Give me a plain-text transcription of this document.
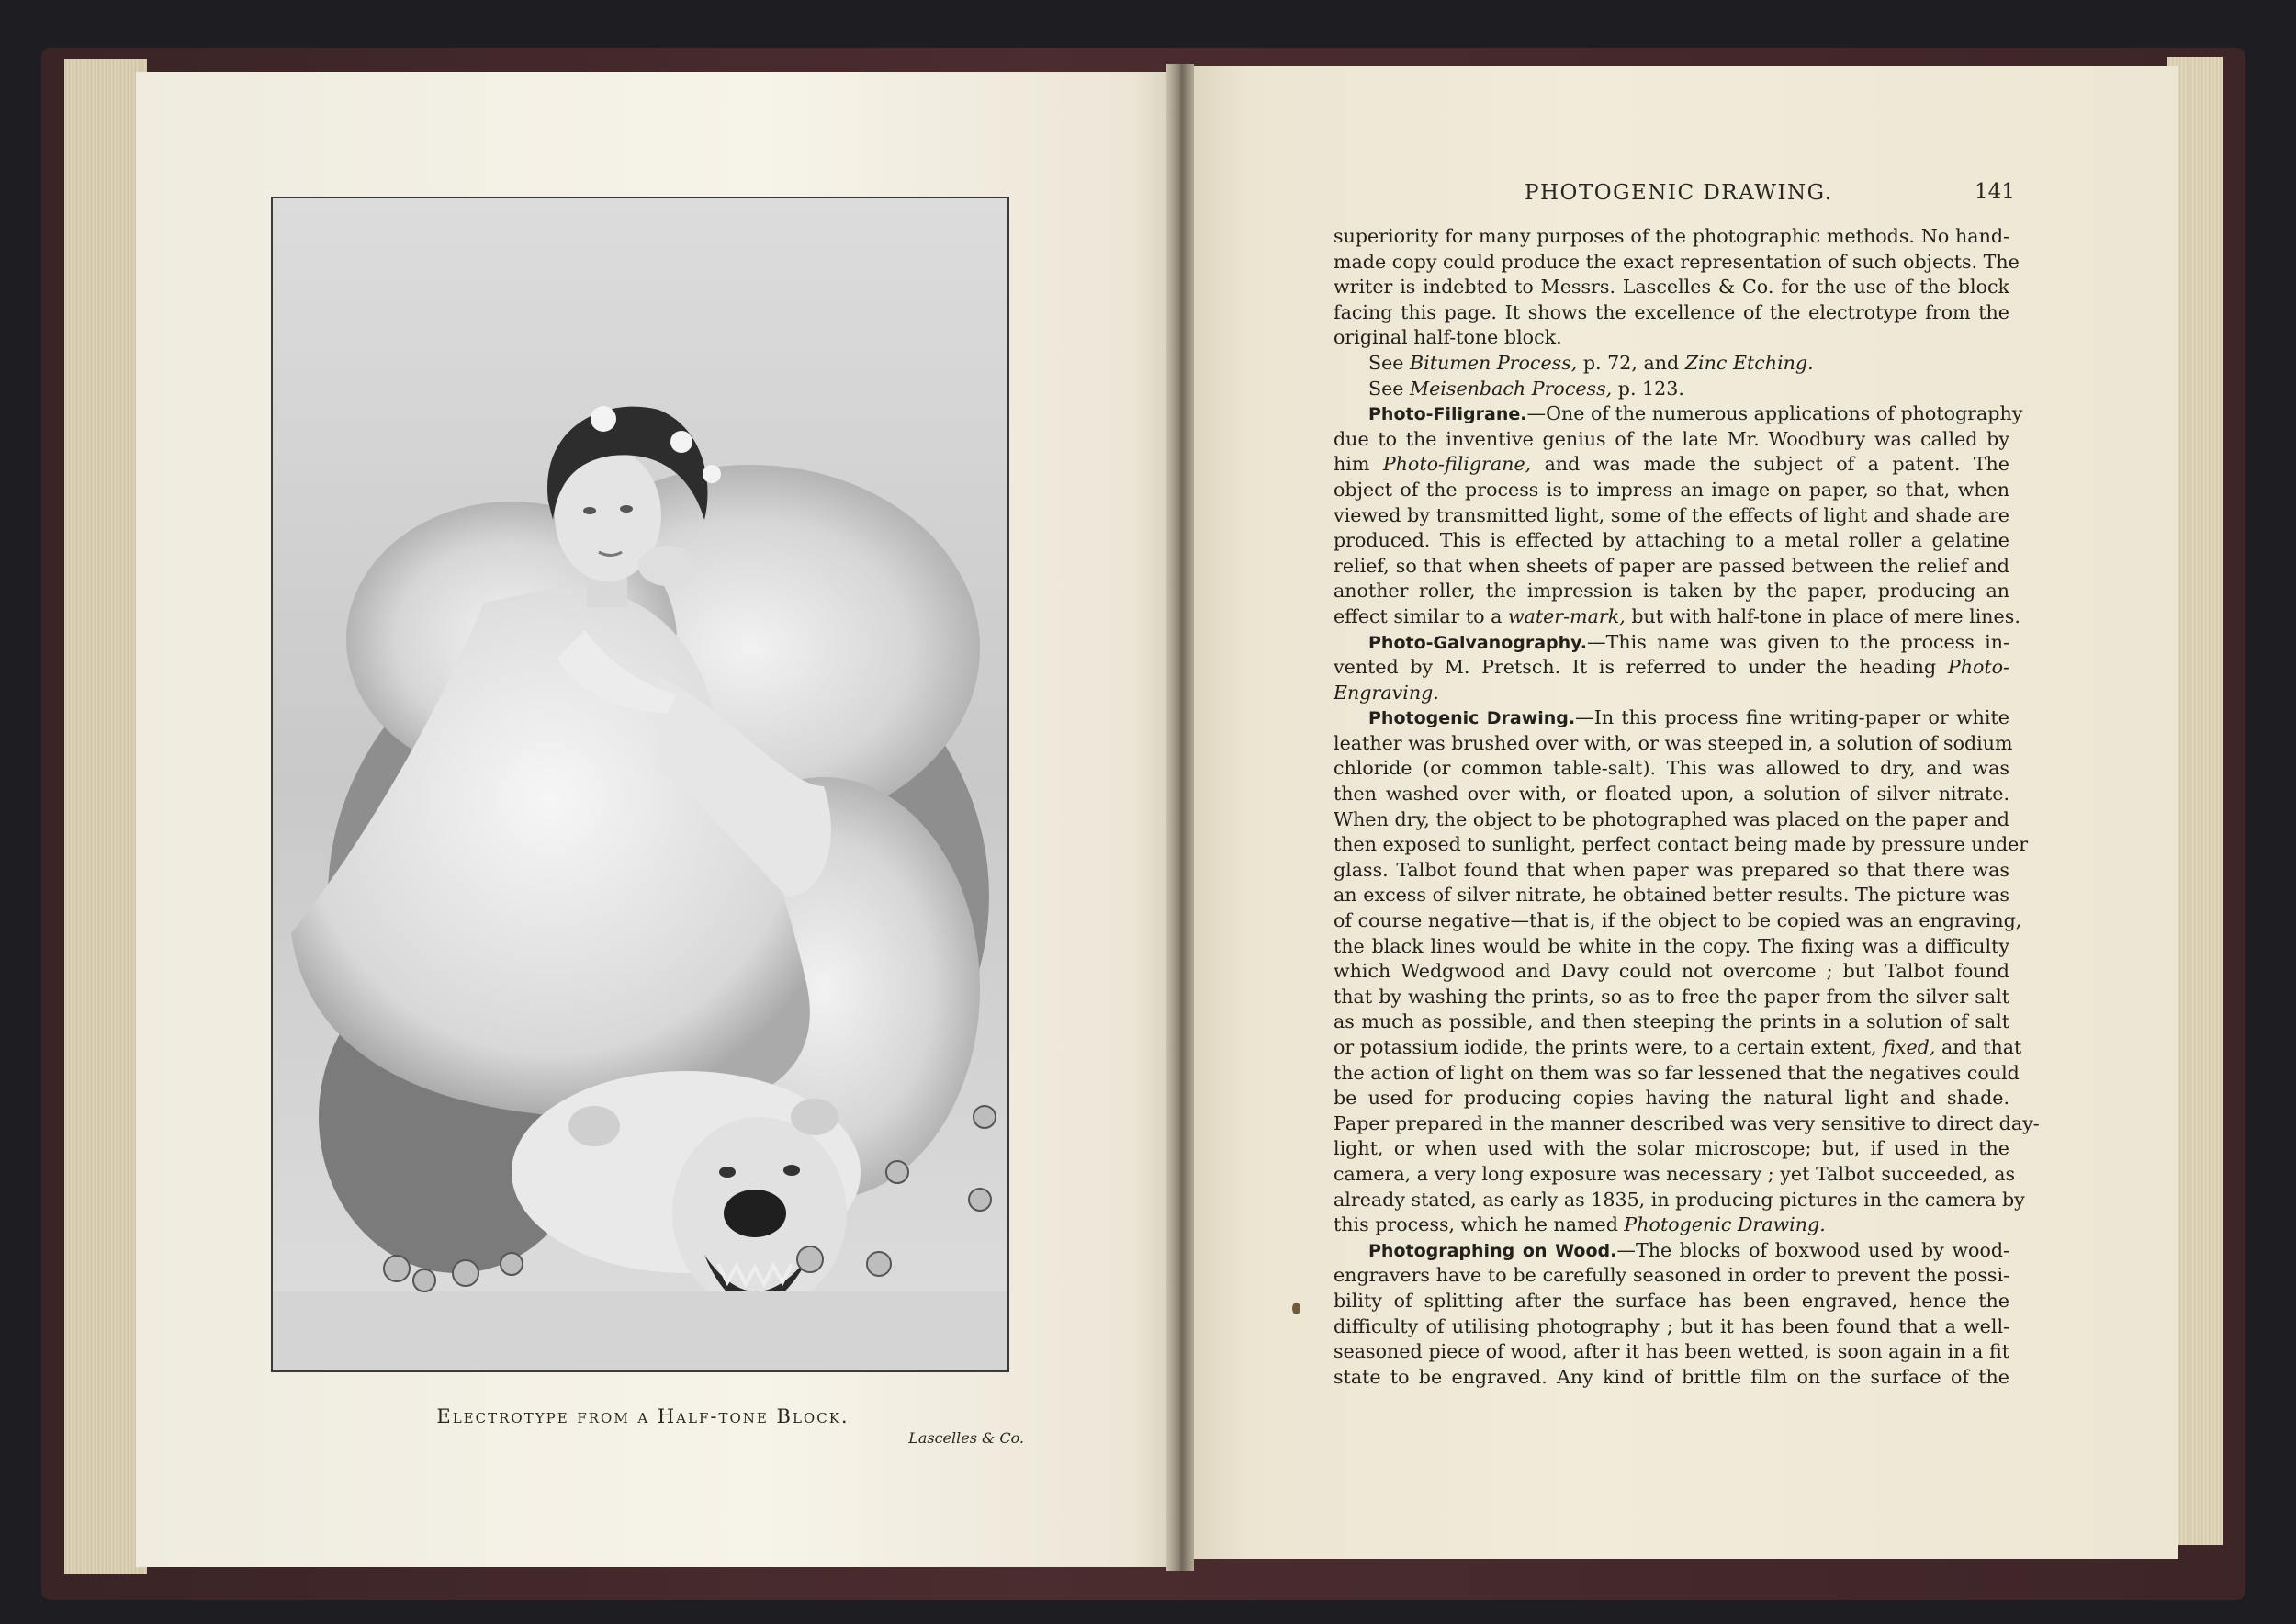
Electrotype from a Half-tone Block.
Lascelles & Co.
PHOTOGENIC DRAWING.	141
superiority for many purposes of the photographic methods. No hand-
made copy could produce the exact representation of such objects. The
writer is indebted to Messrs. Lascelles & Co. for the use of the block
facing this page. It shows the excellence of the electrotype from the
original half-tone block.
See Bitumen Process, p. 72, and Zinc Etching.
See Meisenbach Process, p. 123.
Photo-Filigrane.—One of the numerous applications of photography
due to the inventive genius of the late Mr. Woodbury was called by
him Photo-filigrane, and was made the subject of a patent. The
object of the process is to impress an image on paper, so that, when
viewed by transmitted light, some of the effects of light and shade are
produced. This is effected by attaching to a metal roller a gelatine
relief, so that when sheets of paper are passed between the relief and
another roller, the impression is taken by the paper, producing an
effect similar to a water-mark, but with half-tone in place of mere lines.
Photo-Galvanography.—This name was given to the process in-
vented by M. Pretsch. It is referred to under the heading Photo-
Engraving.
Photogenic Drawing.—In this process fine writing-paper or white
leather was brushed over with, or was steeped in, a solution of sodium
chloride (or common table-salt). This was allowed to dry, and was
then washed over with, or floated upon, a solution of silver nitrate.
When dry, the object to be photographed was placed on the paper and
then exposed to sunlight, perfect contact being made by pressure under
glass. Talbot found that when paper was prepared so that there was
an excess of silver nitrate, he obtained better results. The picture was
of course negative—that is, if the object to be copied was an engraving,
the black lines would be white in the copy. The fixing was a difficulty
which Wedgwood and Davy could not overcome ; but Talbot found
that by washing the prints, so as to free the paper from the silver salt
as much as possible, and then steeping the prints in a solution of salt
or potassium iodide, the prints were, to a certain extent, fixed, and that
the action of light on them was so far lessened that the negatives could
be used for producing copies having the natural light and shade.
Paper prepared in the manner described was very sensitive to direct day-
light, or when used with the solar microscope; but, if used in the
camera, a very long exposure was necessary ; yet Talbot succeeded, as
already stated, as early as 1835, in producing pictures in the camera by
this process, which he named Photogenic Drawing.
Photographing on Wood.—The blocks of boxwood used by wood-
engravers have to be carefully seasoned in order to prevent the possi-
bility of splitting after the surface has been engraved, hence the
difficulty of utilising photography ; but it has been found that a well-
seasoned piece of wood, after it has been wetted, is soon again in a fit
state to be engraved. Any kind of brittle film on the surface of the
